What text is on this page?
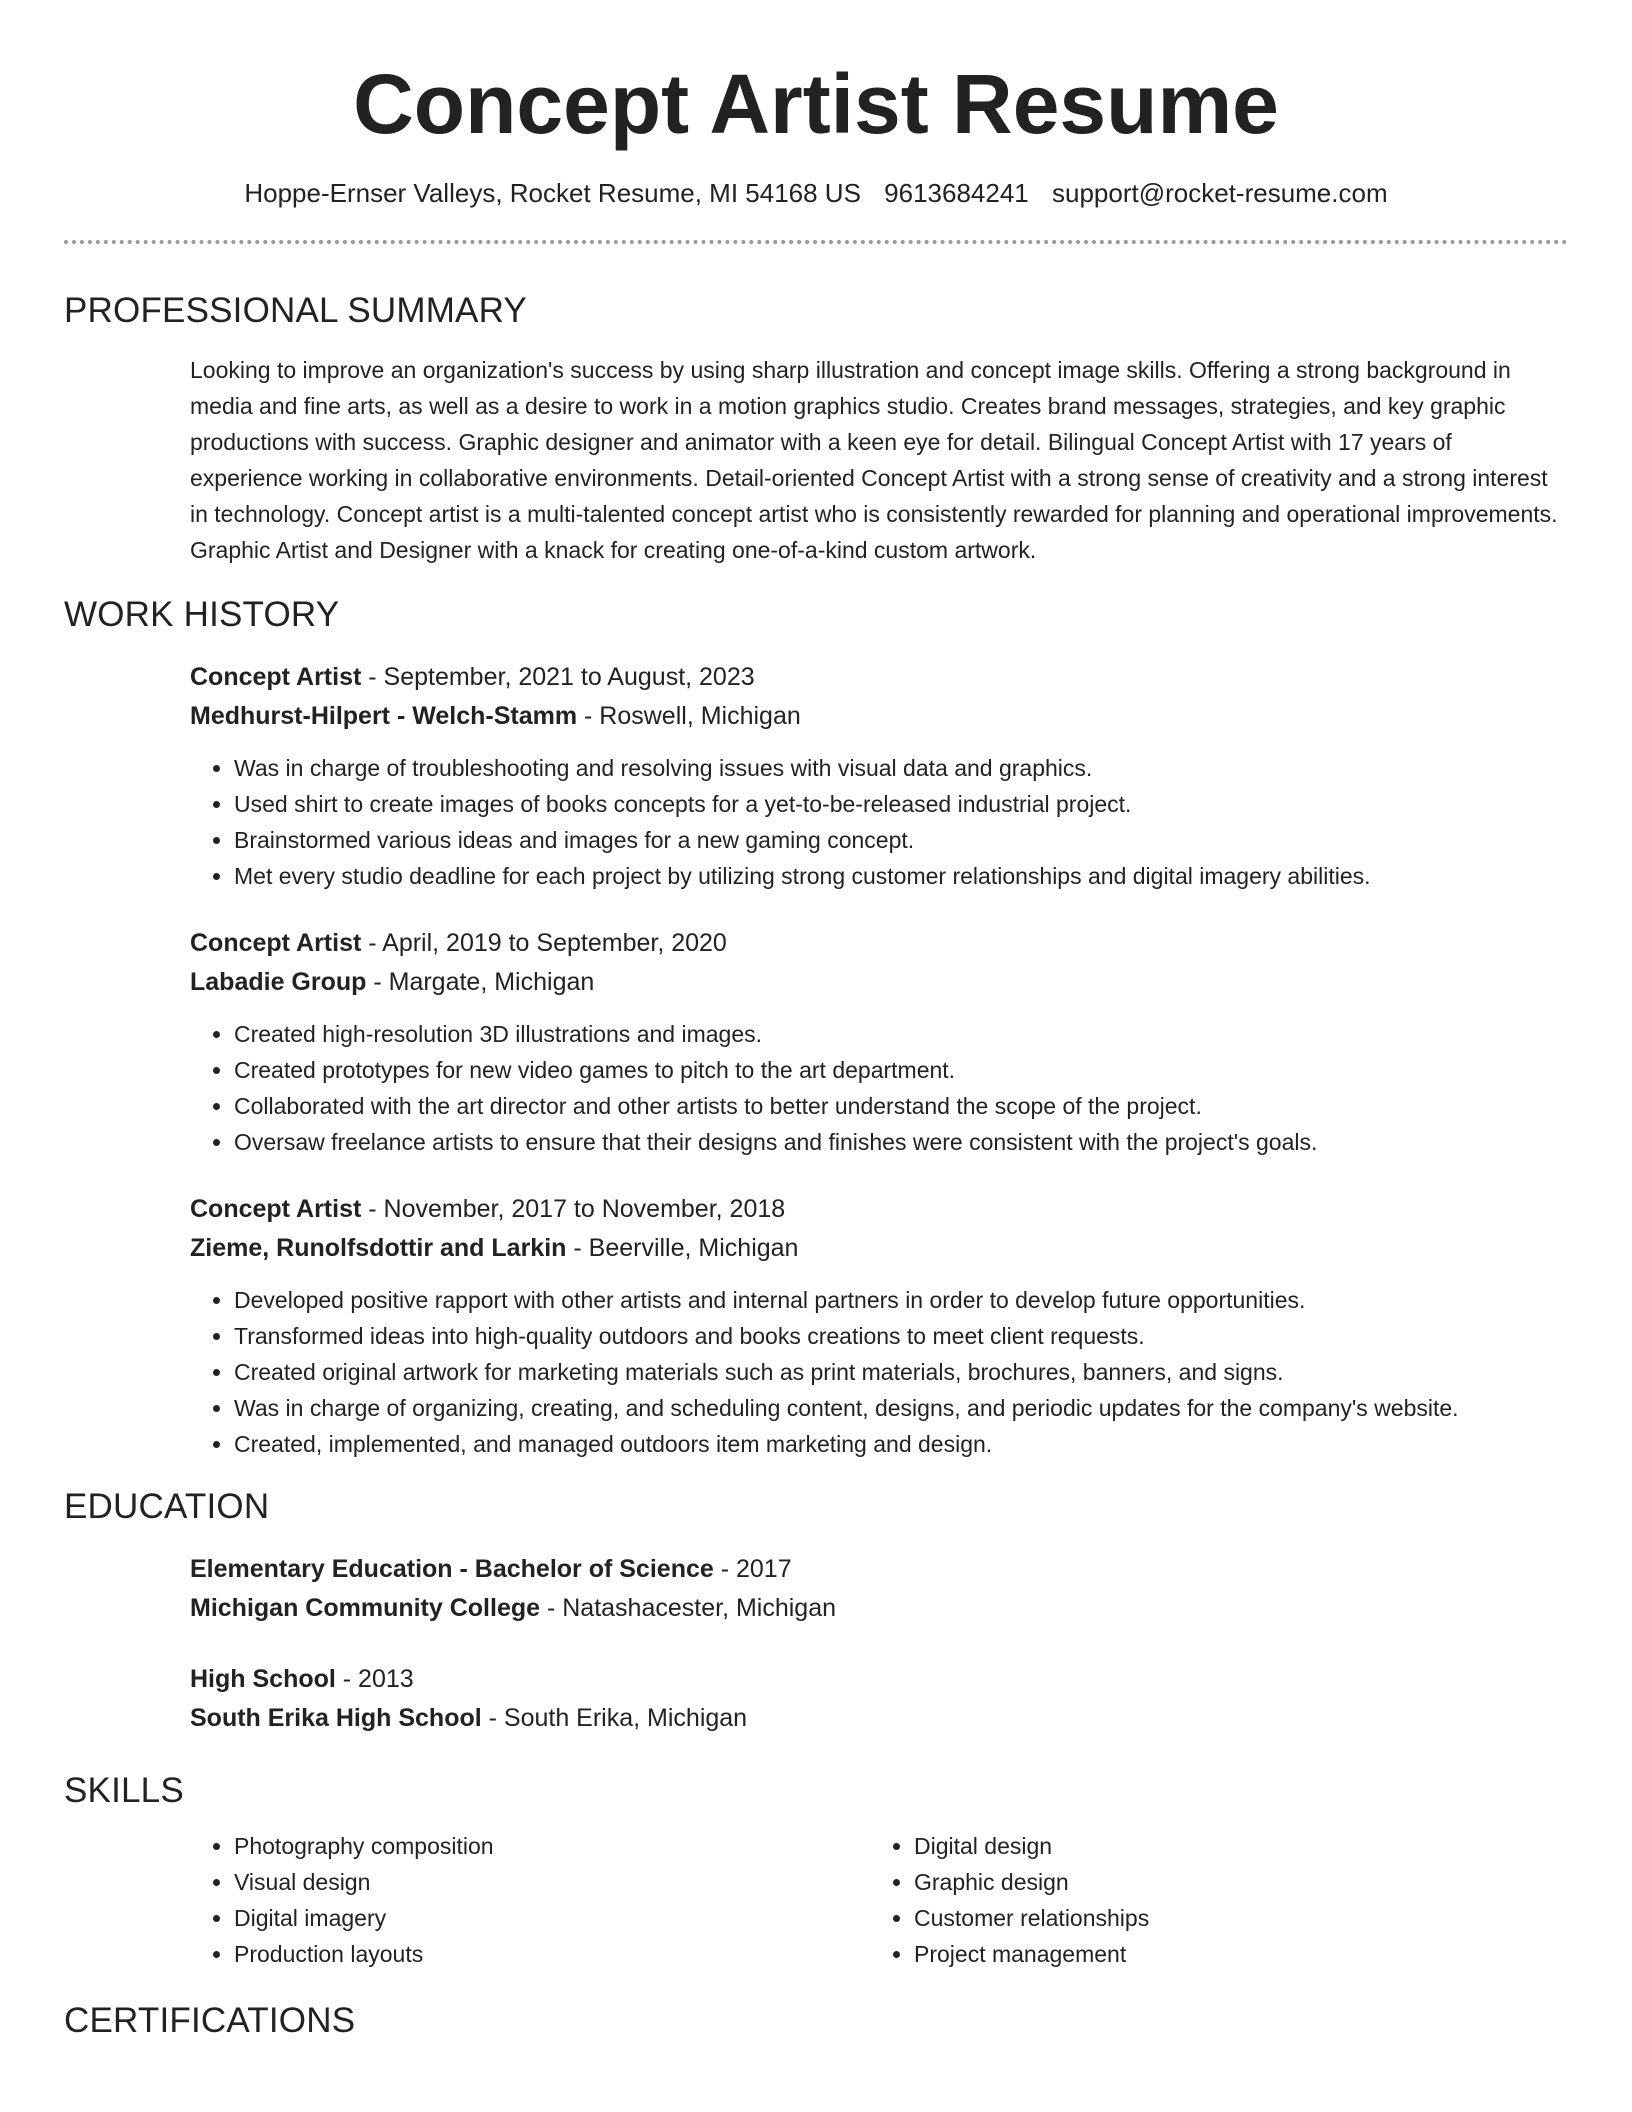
Concept Artist Resume
Hoppe-Ernser Valleys, Rocket Resume, MI 54168 US 9613684241 support@rocket-resume.com
PROFESSIONAL SUMMARY
Looking to improve an organization's success by using sharp illustration and concept image skills. Offering a strong background in media and fine arts, as well as a desire to work in a motion graphics studio. Creates brand messages, strategies, and key graphic productions with success. Graphic designer and animator with a keen eye for detail. Bilingual Concept Artist with 17 years of experience working in collaborative environments. Detail-oriented Concept Artist with a strong sense of creativity and a strong interest in technology. Concept artist is a multi-talented concept artist who is consistently rewarded for planning and operational improvements. Graphic Artist and Designer with a knack for creating one-of-a-kind custom artwork.
WORK HISTORY
Concept Artist - September, 2021 to August, 2023
Medhurst-Hilpert - Welch-Stamm - Roswell, Michigan
• Was in charge of troubleshooting and resolving issues with visual data and graphics.
• Used shirt to create images of books concepts for a yet-to-be-released industrial project.
• Brainstormed various ideas and images for a new gaming concept.
• Met every studio deadline for each project by utilizing strong customer relationships and digital imagery abilities.
Concept Artist - April, 2019 to September, 2020
Labadie Group - Margate, Michigan
• Created high-resolution 3D illustrations and images.
• Created prototypes for new video games to pitch to the art department.
• Collaborated with the art director and other artists to better understand the scope of the project.
• Oversaw freelance artists to ensure that their designs and finishes were consistent with the project's goals.
Concept Artist - November, 2017 to November, 2018
Zieme, Runolfsdottir and Larkin - Beerville, Michigan
• Developed positive rapport with other artists and internal partners in order to develop future opportunities.
• Transformed ideas into high-quality outdoors and books creations to meet client requests.
• Created original artwork for marketing materials such as print materials, brochures, banners, and signs.
• Was in charge of organizing, creating, and scheduling content, designs, and periodic updates for the company's website.
• Created, implemented, and managed outdoors item marketing and design.
EDUCATION
Elementary Education - Bachelor of Science - 2017
Michigan Community College - Natashacester, Michigan
High School - 2013
South Erika High School - South Erika, Michigan
SKILLS
• Photography composition
• Visual design
• Digital imagery
• Production layouts
• Digital design
• Graphic design
• Customer relationships
• Project management
CERTIFICATIONS
